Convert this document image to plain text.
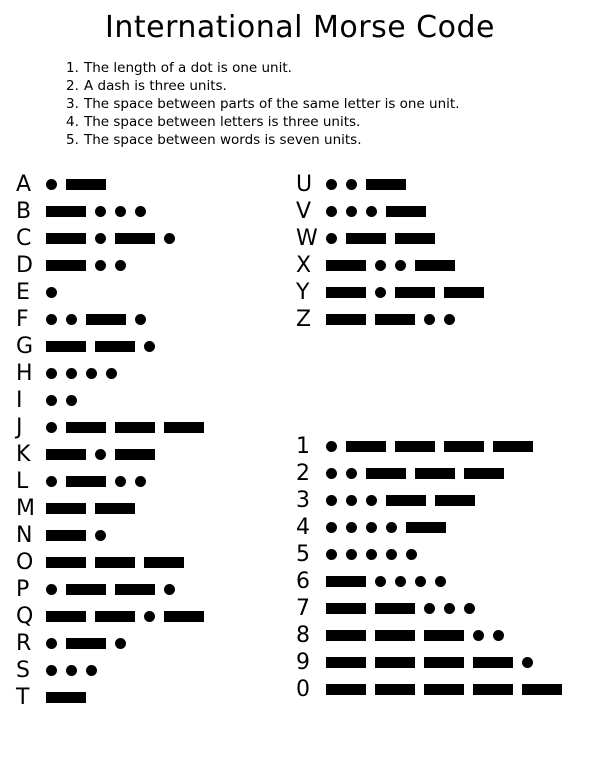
International Morse Code
1. The length of a dot is one unit.
2. A dash is three units.
3. The space between parts of the same letter is one unit.
4. The space between letters is three units.
5. The space between words is seven units.
A
B
C
D
E
F
G
H
I
J
K
L
M
N
O
P
Q
R
S
T
U
V
W
X
Y
Z
1
2
3
4
5
6
7
8
9
0
